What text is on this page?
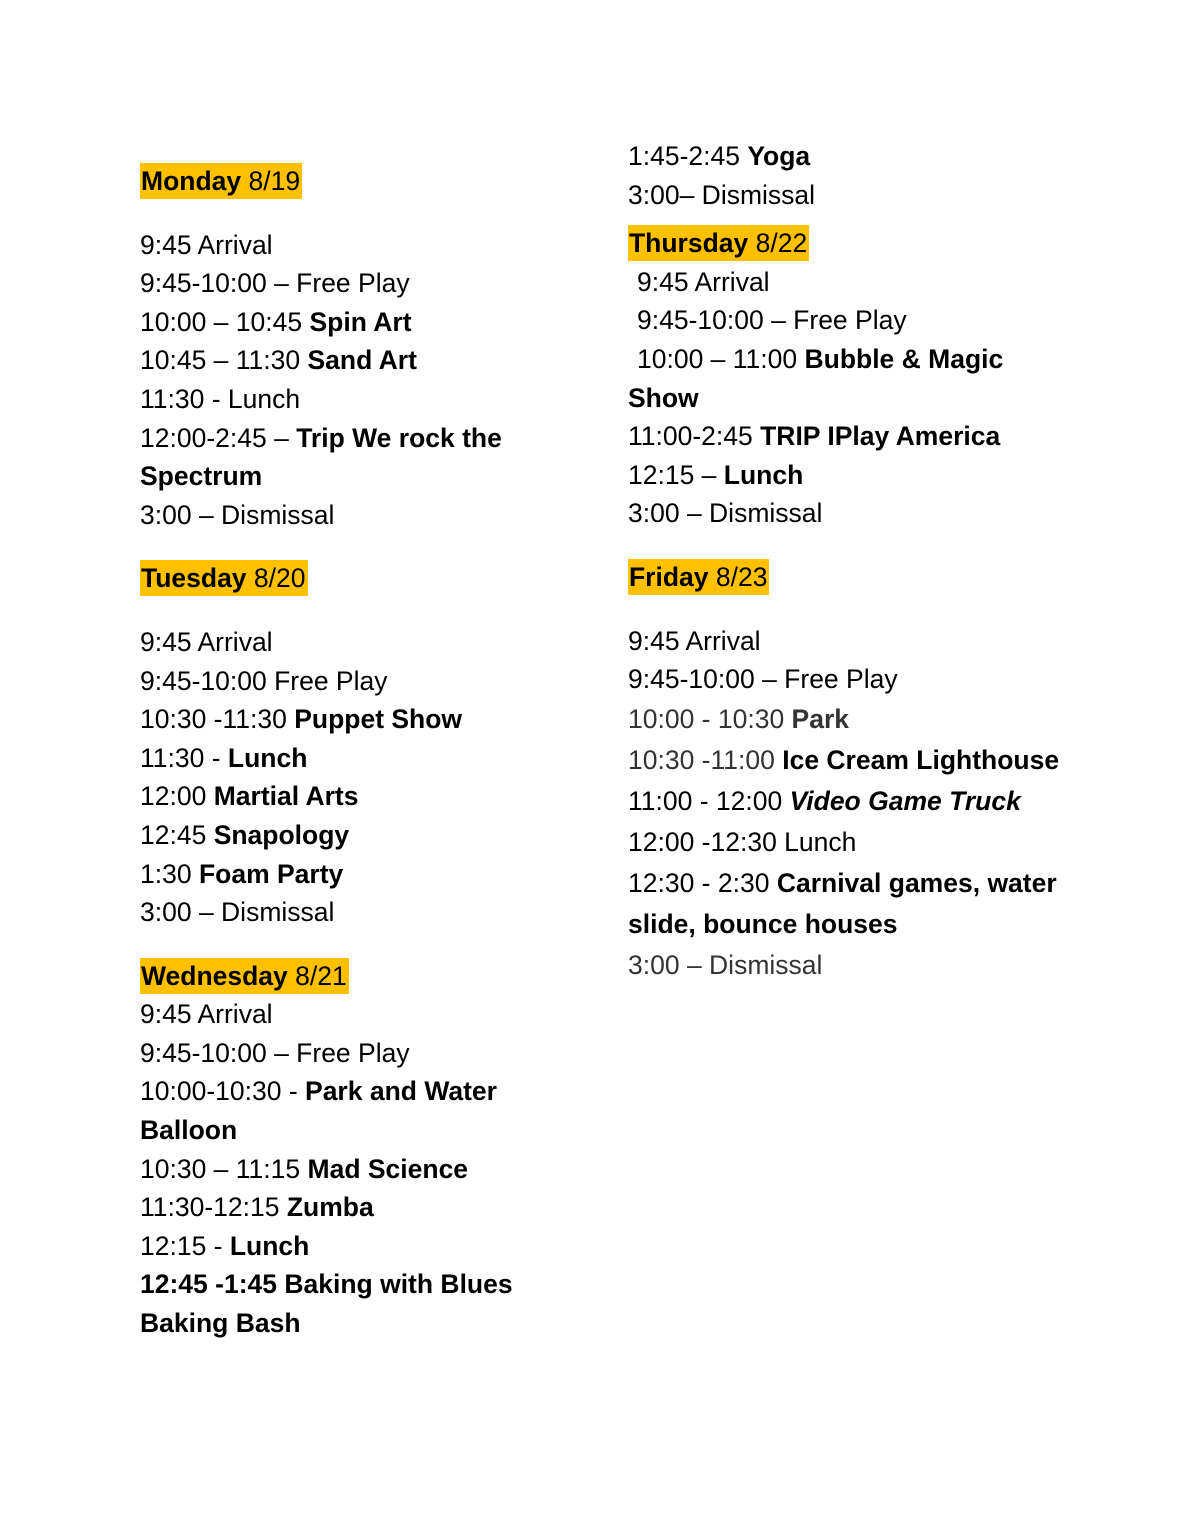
Monday 8/19

9:45 Arrival

9:45-10:00 – Free Play

10:00 – 10:45 Spin Art

10:45 – 11:30 Sand Art

11:30 - Lunch

12:00-2:45 – Trip We rock the Spectrum

3:00 – Dismissal

Tuesday 8/20

9:45 Arrival

9:45-10:00 Free Play

10:30 -11:30 Puppet Show

11:30 - Lunch

12:00 Martial Arts

12:45 Snapology

1:30 Foam Party

3:00 – Dismissal

Wednesday 8/21

9:45 Arrival

9:45-10:00 – Free Play

10:00-10:30 - Park and Water Balloon

10:30 – 11:15 Mad Science

11:30-12:15 Zumba

12:15 - Lunch

12:45 -1:45 Baking with Blues Baking Bash

1:45-2:45 Yoga

3:00– Dismissal

Thursday 8/22

9:45 Arrival

9:45-10:00 – Free Play

10:00 – 11:00 Bubble & Magic Show

11:00-2:45 TRIP IPlay America

12:15 – Lunch

3:00 – Dismissal

Friday 8/23

9:45 Arrival

9:45-10:00 – Free Play

10:00 - 10:30 Park

10:30 -11:00 Ice Cream Lighthouse

11:00 - 12:00 Video Game Truck

12:00 -12:30 Lunch

12:30 - 2:30 Carnival games, water slide, bounce houses

3:00 – Dismissal
